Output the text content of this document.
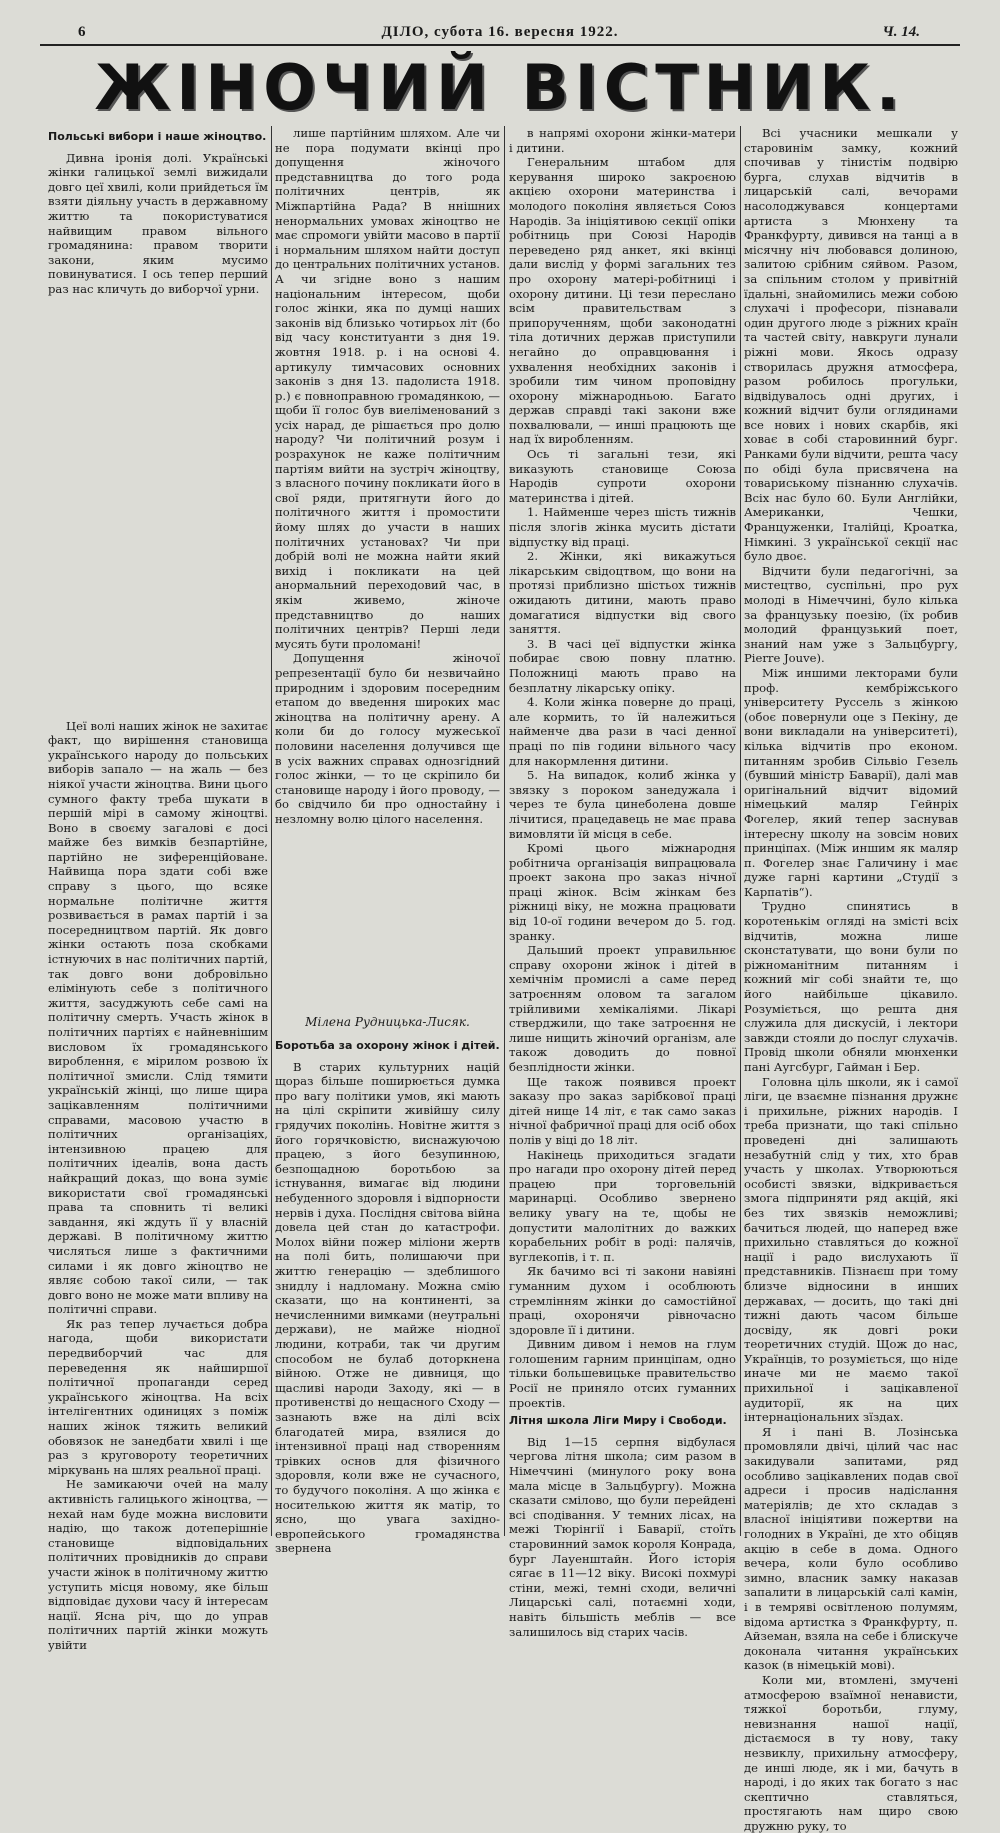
6	ДІЛО, субота 16. вересня 1922.	Ч. 14.
ЖІНОЧИЙ ВІСТНИК.
Польські вибори і наше жіноцтво.

Дивна іронія долі. Українські жінки галицької землі вижидали довго цеї хвилі, коли прийдеться їм взяти діяльну участь в державному життю та покористуватися найвищим правом вільного громадянина: правом творити закони, яким мусимо повинуватися. І ось тепер перший раз нас кличуть до виборчої урни.

Цеї волі наших жінок не захитає факт, що вирішення становища українського народу до польських виборів запало — на жаль — без ніякої участи жіноцтва. Вини цього сумного факту треба шукати в першій мірі в самому жіноцтві. Воно в своєму загалові є досі майже без вимків безпартійне, партійно не зиференційоване. Найвища пора здати собі вже справу з цього, що всяке нормальне політичне життя розвивається в рамах партій і за посередництвом партій. Як довго жінки остають поза скобками істнуючих в нас політичних партій, так довго вони добровільно елімінують себе з політичного життя, засуджують себе самі на політичну смерть. Участь жінок в політичних партіях є найневнішим висловом їх громадянського вироблення, є мірилом розвою їх політичної змисли. Слід тямити українській жінці, що лише щира зацікавленням політичними справами, масовою участю в політичних організаціях, інтензивною працею для політичних ідеалів, вона дасть найкращий доказ, що вона зуміє використати свої громадянські права та сповнить ті великі завдання, які ждуть її у власній державі. В політичному життю числяться лише з фактичними силами і як довго жіноцтво не являє собою такої сили, — так довго воно не може мати впливу на політичні справи.

Як раз тепер лучається добра нагода, щоби використати передвиборчий час для переведення як найширшої політичної пропаганди серед українського жіноцтва. На всіх інтелігентних одиницях з поміж наших жінок тяжить великий обовязок не занедбати хвилі і ще раз з круговороту теоретичних міркувань на шлях реальної праці.

Не замикаючи очей на малу активність галицького жіноцтва, — нехай нам буде можна висловити надію, що також дотеперішніе становище відповідальних політичних провідників до справи участи жінок в політичному життю уступить місця новому, яке більш відповідає духови часу й інтересам нації. Ясна річ, що до управ політичних партій жінки можуть увійти

лише партійним шляхом. Але чи не пора подумати вкінці про допущення жіночого представництва до того рода політичних центрів, як Міжпартійна Рада? В ннішних ненормальних умовах жіноцтво не має спромоги увійти масово в партії і нормальним шляхом найти доступ до центральних політичних установ. А чи згідне воно з нашим національним інтересом, щоби голос жінки, яка по думці наших законів від близько чотирьох літ (бо від часу конституанти з дня 19. жовтня 1918. р. і на основі 4. артикулу тимчасових основних законів з дня 13. падолиста 1918. р.) є повноправною громадянкою, — щоби її голос був виеліменований з усіх нарад, де рішається про долю народу? Чи політичний розум і розрахунок не каже політичним партіям вийти на зустріч жіноцтву, з власного почину покликати його в свої ряди, притягнути його до політичного життя і промостити йому шлях до участи в наших політичних установах? Чи при добрій волі не можна найти який вихід і покликати на цей анормальний переходовий час, в якім живемо, жіноче представництво до наших політичних центрів? Перші леди мусять бути проломані!

Допущення жіночої репрезентації було би незвичайно природним і здоровим посередним етапом до введення широких мас жіноцтва на політичну арену. А коли би до голосу мужеської половини населення долучився ще в усіх важних справах однозгідний голос жінки, — то це скріпило би становище народу і його проводу, — бо свідчило би про одностайну і незломну волю цілого населення.

Мілена Рудницька-Лисяк.

Боротьба за охорону жінок і дітей.

В старих культурних націй щораз більше поширюється думка про вагу політики умов, які мають на цілі скріпити живійшу силу грядучих поколінь. Новітне життя з його горячковістю, виснажуючою працею, з його безупинною, безпощадною боротьбою за істнування, вимагає від людини небуденного здоровля і відпорности нервів і духа. Послідня світова війна довела цей стан до катастрофи. Молох війни пожер міліони жертв на полі бить, полишаючи при життю генерацію — здеблишого знидлу і надломану. Можна смію сказати, що на континенті, за нечисленними вимками (неутральні держави), не майже ніодної людини, котраби, так чи другим способом не булаб доторкнена війною. Отже не дивниця, що щасливі народи Заходу, які — в противенстві до нещасного Сходу — зазнають вже на ділі всіх благодатей мира, взялися до інтензивної праці над створенням трівких основ для фізичного здоровля, коли вже не сучасного, то будучого поколіня. А що жінка є носителькою життя як матір, то ясно, що увага західно-европейського громадянства звернена

в напрямі охорони жінки-матери і дитини.

Генеральним штабом для керування широко закроєною акцією охорони материнства і молодого поколіня являється Союз Народів. За ініціятивою секції опіки робітниць при Союзі Народів переведено ряд анкет, які вкінці дали вислід у формі загальних тез про охорону матері-робітниці і охорону дитини. Ці тези переслано всім правительствам з припорученням, щоби законодатні тіла дотичних держав приступили негайно до оправцювання і ухвалення необхідних законів і зробили тим чином проповідну охорону міжнародньою. Багато держав справді такі закони вже похвалювали, — инші працюють ще над їх виробленням.

Ось ті загальні тези, які виказують становище Союза Народів супроти охорони материнства і дітей.

1. Найменше через шість тижнів після злогів жінка мусить дістати відпустку від праці.

2. Жінки, які викажуться лікарським свідоцтвом, що вони на протязі приблизно шістьох тижнів ожидають дитини, мають право домагатися відпустки від свого заняття.

3. В часі цеї відпустки жінка побирає свою повну платню. Положниці мають право на безплатну лікарську опіку.

4. Коли жінка поверне до праці, але кормить, то їй належиться найменче два рази в часі денної праці по пів години вільного часу для накормлення дитини.

5. На випадок, колиб жінка у звязку з пороком занедужала і через те була цинеболена довше лічитися, працедавець не має права вимовляти їй місця в себе.

Кромі цього міжнародня робітнича організація випрацювала проект закона про заказ нічної праці жінок. Всім жінкам без ріжниці віку, не можна працювати від 10-ої години вечером до 5. год. зранку.

Дальший проект управильнює справу охорони жінок і дітей в хемічнім промислі а саме перед затроєнням оловом та загалом трійливими хемікаліями. Лікарі стверджили, що таке затроєння не лише нищить жіночий організм, але також доводить до повної безплідности жінки.

Ще також появився проект заказу про заказ зарібкової праці дітей нище 14 літ, є так само заказ нічної фабричної праці для осіб обох полів у віці до 18 літ.

Накінець приходиться згадати про нагади про охорону дітей перед працею при торговельній маринарці. Особливо звернено велику увагу на те, щобы не допустити малолітних до важких корабельних робіт в роді: палячів, вуглекопів, і т. п.

Як бачимо всі ті закони навіяні гуманним духом і особлюють стремлінням жінки до самостійної праці, охоронячи рівночасно здоровле її і дитини.

Дивним дивом і немов на глум голошеним гарним принціпам, одно тільки большевицьке правительство Росії не приняло отсих гуманних проектів.

Літня школа Ліги Миру і Свободи.

Від 1—15 серпня відбулася чергова літня школа; сим разом в Німеччині (минулого року вона мала місце в Зальцбургу). Можна сказати смілово, що були перейдені всі сподівання. У темних лісах, на межі Тюрінгії і Баварії, стоїть старовинний замок короля Конрада, бург Лауенштайн. Його історія сягає в 11—12 віку. Високі похмурі стіни, межі, темні сходи, величні Лицарські салі, потаємні ходи, навіть більшість меблів — все залишилось від старих часів.

Всі учасники мешкали у старовинім замку, кожний спочивав у тінистім подвірю бурга, слухав відчитів в лицарській салі, вечорами насолоджувався концертами артиста з Мюнхену та Франкфурту, дивився на танці а в місячну ніч любовався долиною, залитою срібним сяйвом. Разом, за спільним столом у привітній їдальні, знайомились межи собою слухачі і професори, пізнавали один другого люде з ріжних країн та частей світу, навкруги лунали ріжні мови. Якось одразу створилась дружня атмосфера, разом робилось прогульки, відвідувалось одні других, і кожний відчит були оглядинами все нових і нових скарбів, які ховає в собі старовинний бург. Ранками були відчити, решта часу по обіді була присвячена на товариському пізнанню слухачів. Всіх нас було 60. Були Англійки, Американки, Чешки, Француженки, Італійці, Кроатка, Німкині. З української секції нас було двоє.

Відчити були педагогічні, за мистецтво, суспільні, про рух молоді в Німеччині, було кілька за французьку поезію, (їх робив молодий французький поет, знаний нам уже з Зальцбургу, Pierre Jouve).

Між иншими лекторами були проф. кембріжського університету Руссель з жінкою (обоє повернули оце з Пекіну, де вони викладали на університеті), кілька відчитів про економ. питанням зробив Сільвіо Гезель (бувший міністр Баварії), далі мав оригінальний відчит відомий німецький маляр Гейнріх Фогелер, який тепер заснував інтересну школу на зовсім нових принціпах. (Між иншим як маляр п. Фогелер знає Галичину і має дуже гарні картини „Студії з Карпатів“).

Трудно спинятись в коротенькім огляді на змісті всіх відчитів, можна лише сконстатувати, що вони були по ріжноманітним питанням і кожний міг собі знайти те, що його найбільше цікавило. Розуміється, що решта дня служила для дискусій, і лектори завжди стояли до послуг слухачів. Провід школи обняли мюнхенки пані Аугсбург, Гайман і Бер.

Головна ціль школи, як і самої ліги, це взаємне пізнання дружнє і прихильне, ріжних народів. І треба признати, що такі спільно проведені дні залишають незабутній слід у тих, хто брав участь у школах. Утворюються особисті звязки, відкривається змога підприняти ряд акцій, які без тих звязків неможливі; бачиться людей, що наперед вже прихильно ставляться до кожної нації і радо вислухають її представників. Пізнаєш при тому близче відносини в инших державах, — досить, що такі дні тижні дають часом більше досвіду, як довгі роки теоретичних студій. Щож до нас, Українців, то розуміється, що ніде иначе ми не маємо такої прихильної і зацікавленої аудиторії, як на цих інтернаціональних зїздах.

Я і пані В. Лозінська промовляли двічі, цілий час нас закидували запитами, ряд особливо зацікавлених подав свої адреси і просив надіслання матеріялів; де хто складав з власної ініціятиви пожертви на голодних в Україні, де хто обіцяв акцію в себе в дома. Одного вечера, коли було особливо зимно, власник замку наказав запалити в лицарській салі камін, і в темряві освітленою полумям, відома артистка з Франкфурту, п. Айземан, взяла на себе і блискуче доконала читання українських казок (в німецькій мові).

Коли ми, втомлені, змучені атмосферою взаїмної ненависти, тяжкої боротьби, глуму, невизнання нашої нації, дістаємося в ту нову, таку незвиклу, прихильну атмосферу, де инші люде, як і ми, бачуть в народі, і до яких так богато з нас скептично ставляться, простягають нам щиро свою дружню руку, то
